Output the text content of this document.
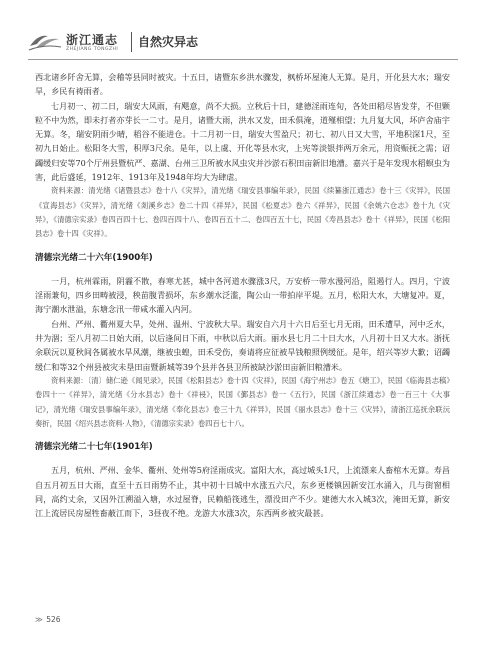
浙江通志
ZHEJIANG TONGZHI
自然灾异志

西北诸乡阡舍无算，会稽等县同时被灾。十五日，诸暨东乡洪水骤发，枫桥坏屋淹人无算。是月，开化县大水；瑞安旱，乡民有祷雨者。

七月初一、初二日，瑞安大风雨，有飓意，尚不大损。立秋后十日，建德淫雨连旬，各处田稻尽皆发芽，不但颗粒不中为然，即未打者亦芽长一二寸。是月，诸暨大雨，洪水又发，田禾俱淹，道殣相望；九月复大风，坏庐舍庙宇无算。冬，瑞安阴雨少晴，稻谷不能进仓。十二月初一日，瑞安大雪盈尺；初七、初八日又大雪，平地积深1尺，至初九日始止。松阳冬大雪，积厚3尺余。是年，以上虞、开化等县水灾，上宪等淡银拌两万余元，用资赈抚之需；诏蠲缓归安等70个厅州县暨杭严、嘉湖、台州三卫所被水风虫灾并沙淤石积田亩新旧地漕。嘉兴于是年发现水稻螟虫为害，此后盛延，1912年、1913年及1948年均大为肆虐。

资料来源：清光绪《诸暨县志》卷十八《灾异》，清光绪《瑞安县事编年录》，民国《续纂浙江通志》卷十三《灾异》，民国《宣海县志》《灾异》，清光绪《剡溪乡志》卷二十四《祥异》，民国《松夏志》卷六《祥异》，民国《余姚六仓志》卷十九《灾异》，《清德宗实录》卷四百四十七、卷四百四十八、卷四百五十二、卷四百五十七，民国《寿昌县志》卷十《祥异》，民国《松阳县志》卷十四《灾祥》。

清德宗光绪二十六年(1900年)

一月，杭州霖雨，阴霾不散，春寒尤甚，城中各河道水骤涨3尺，万安桥一带水漫河沿，阻遏行人。四月，宁波淫雨兼旬，四乡田畴被浸，秧苗腹青损坏，东乡潮水泛滥，陶公山一带拍岸平堤。五月，松阳大水，大塘复冲。夏，海宁潮水泄溢，东塘念汛一带咸水灌入内河。

台州、严州、衢州夏大旱，处州、温州、宁波秋大旱。瑞安自六月十六日后至七月无雨，田禾遭旱，河中乏水，井为涸；至八月初二日始大雨，以后逢间日下雨，中秋以后大雨。丽水县七月二十日大水，八月初十日又大水。浙抚余联沅以夏秋间各属被水旱风潮，继被虫蝗，田禾受伤，奏请将应征被旱钱粮照例缓征。是年，绍兴等岁大歉；诏蠲缓仁和等32个州县被灾未垦田亩暨新城等39个县并各县卫所被缺沙淤田亩新旧粮漕米。

资料来源：〔清〕储仁逊《闻见录》，民国《松阳县志》卷十四《灾祥》，民国《海宁州志》卷五《塘工》，民国《临海县志稿》卷四十一《祥异》，清光绪《分水县志》卷十《祥祲》，民国《鄞县志》卷一《五行》，民国《浙江续通志》卷一百三十《大事记》，清光绪《瑞安县事编年录》，清光绪《奉化县志》卷三十九《祥异》，民国《丽水县志》卷十三《灾异》，清浙江巡抚余联沅奏折，民国《绍兴县志资料·人物》，《清德宗实录》卷四百七十八。

清德宗光绪二十七年(1901年)

五月，杭州、严州、金华、衢州、处州等5府淫雨成灾。富阳大水，高过城头1尺，上流漂来人畜棺木无算。寿昌自五月初五日大雨，直至十五日雨势不止，其中初十日城中水涨五六尺，东乡更楼镇因新安江水涌入，几与街窗相同，高约丈余，又因外江溯溢入塘，水过屋脊，民赖船筏逃生，漂没田产不少。建德大水入城3次，淹田无算，新安江上流居民房屋牲畜蔽江而下，3昼夜不绝。龙游大水涨3次，东西两乡被灾最甚。

≫ 526
